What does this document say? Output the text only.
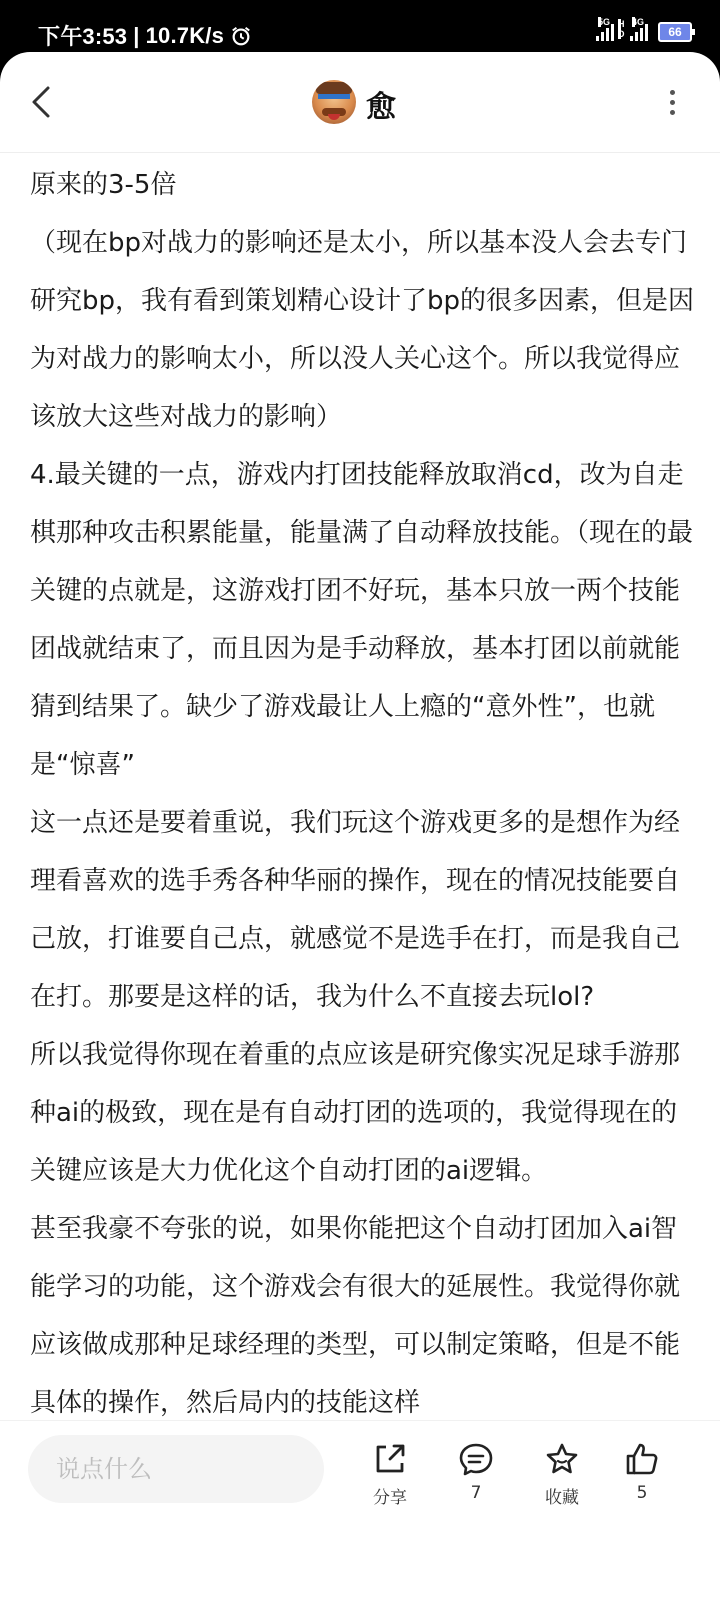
下午3:53 | 10.7K/s
5G H
D
4G
66
愈

原来的3-5倍

（现在bp对战力的影响还是太小，所以基本没人会去专门研究bp，我有看到策划精心设计了bp的很多因素，但是因为对战力的影响太小，所以没人关心这个。所以我觉得应该放大这些对战力的影响）

4.最关键的一点，游戏内打团技能释放取消cd，改为自走棋那种攻击积累能量，能量满了自动释放技能。（现在的最关键的点就是，这游戏打团不好玩，基本只放一两个技能团战就结束了，而且因为是手动释放，基本打团以前就能猜到结果了。缺少了游戏最让人上瘾的“意外性”，也就是“惊喜”

这一点还是要着重说，我们玩这个游戏更多的是想作为经理看喜欢的选手秀各种华丽的操作，现在的情况技能要自己放，打谁要自己点，就感觉不是选手在打，而是我自己在打。那要是这样的话，我为什么不直接去玩lol?

所以我觉得你现在着重的点应该是研究像实况足球手游那种ai的极致，现在是有自动打团的选项的，我觉得现在的关键应该是大力优化这个自动打团的ai逻辑。

甚至我豪不夸张的说，如果你能把这个自动打团加入ai智能学习的功能，这个游戏会有很大的延展性。我觉得你就应该做成那种足球经理的类型，可以制定策略，但是不能具体的操作，然后局内的技能这样

说点什么
分享	7	收藏	5
